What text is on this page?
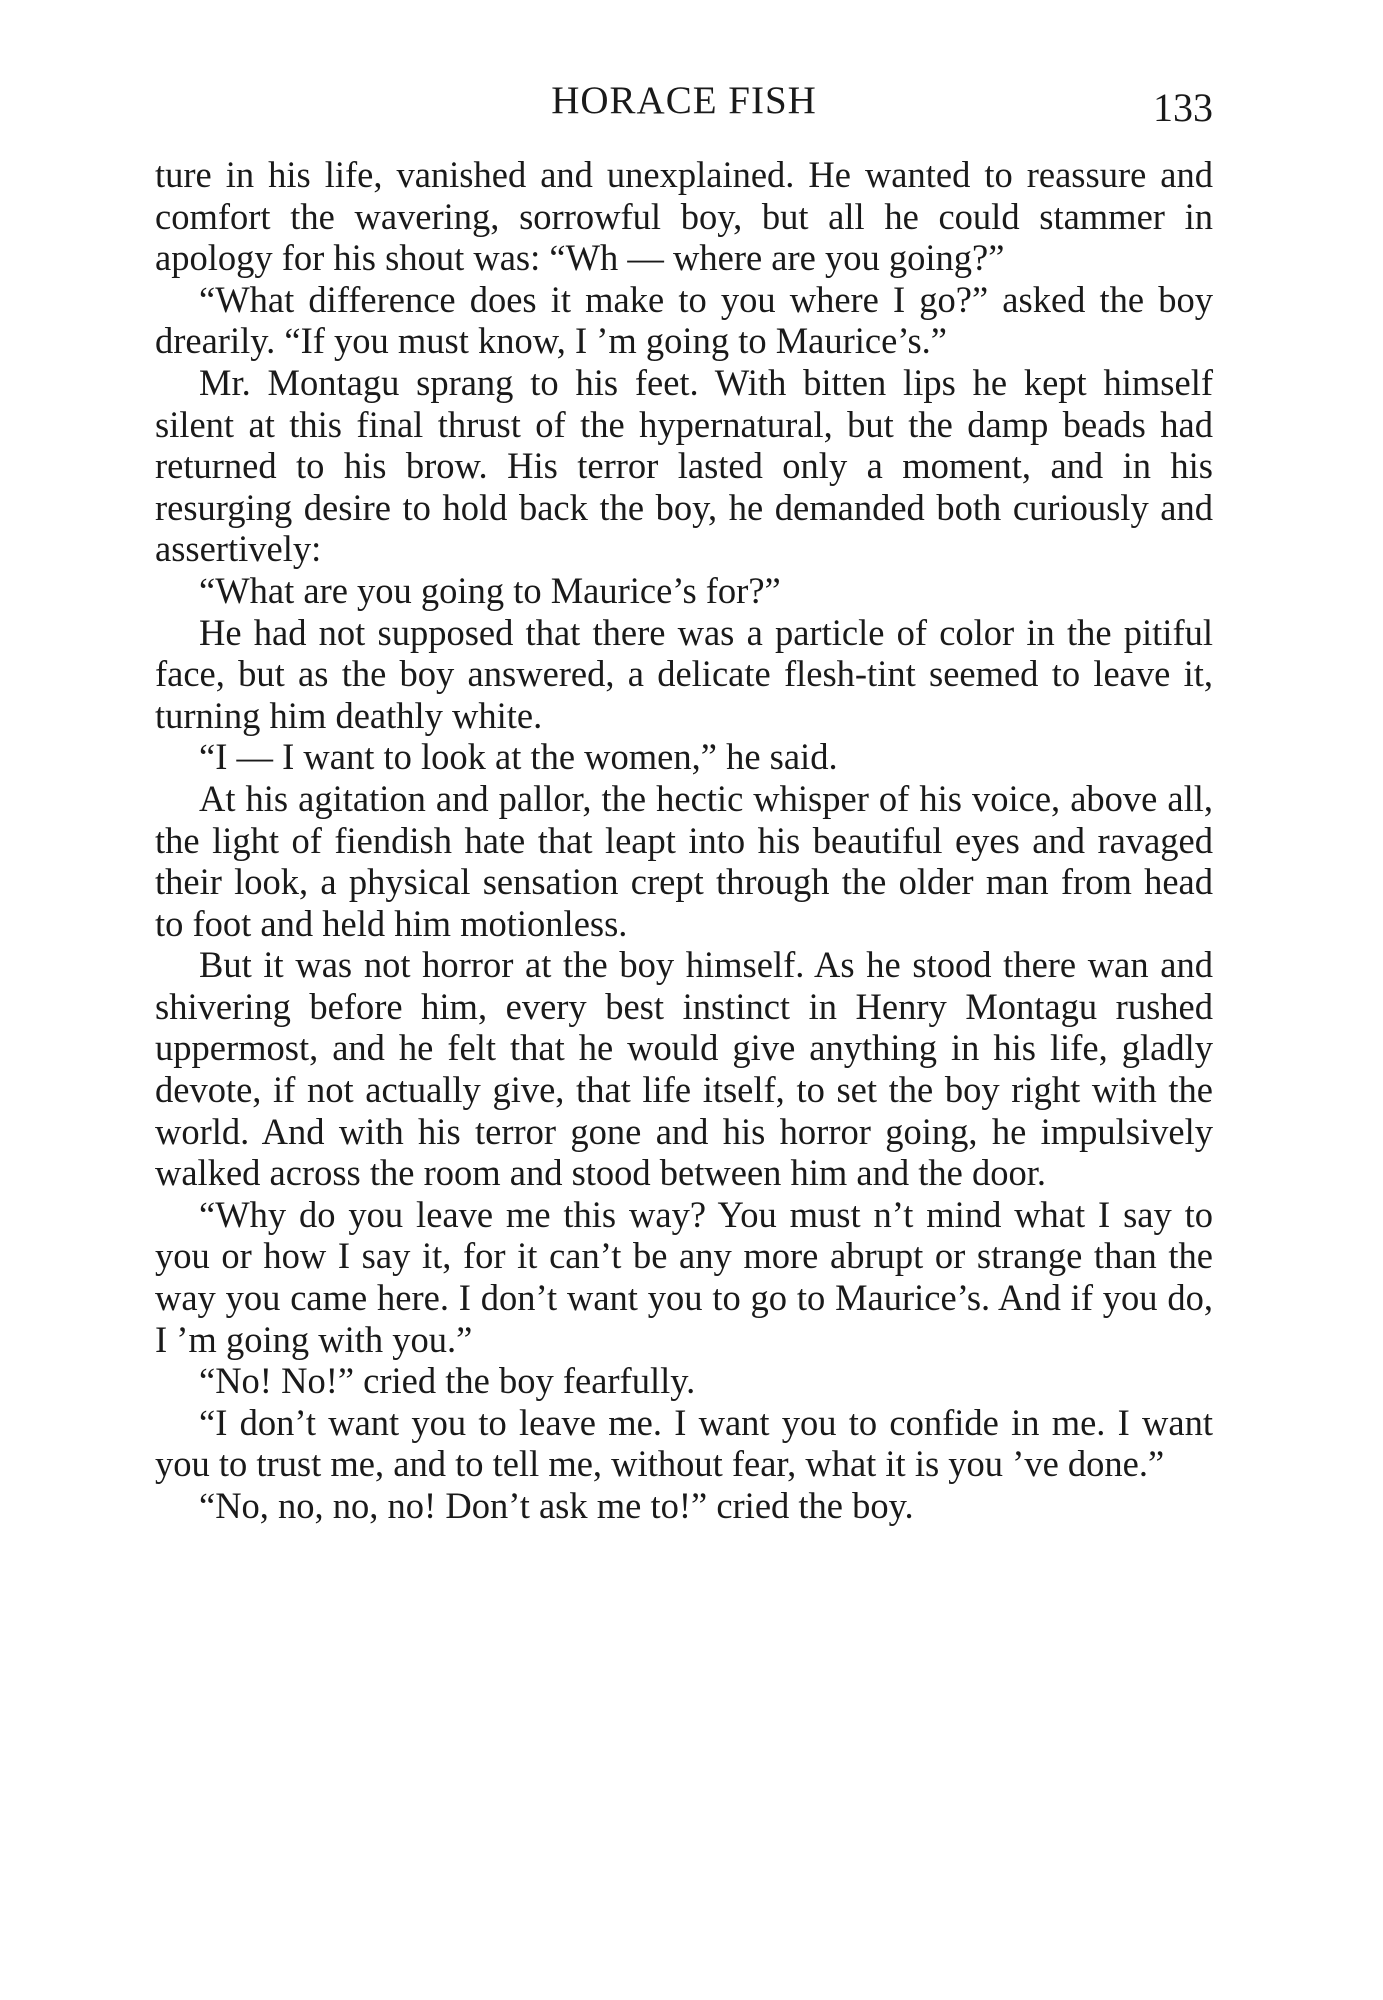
HORACE FISH	133

ture in his life, vanished and unexplained. He wanted to reassure and comfort the wavering, sorrowful boy, but all he could stammer in apology for his shout was: “Wh — where are you going?”

“What difference does it make to you where I go?” asked the boy drearily. “If you must know, I ’m going to Maurice’s.”

Mr. Montagu sprang to his feet. With bitten lips he kept himself silent at this final thrust of the hypernatural, but the damp beads had returned to his brow. His terror lasted only a moment, and in his resurging desire to hold back the boy, he demanded both curiously and assertively:

“What are you going to Maurice’s for?”

He had not supposed that there was a particle of color in the pitiful face, but as the boy answered, a delicate flesh-tint seemed to leave it, turning him deathly white.

“I — I want to look at the women,” he said.

At his agitation and pallor, the hectic whisper of his voice, above all, the light of fiendish hate that leapt into his beautiful eyes and ravaged their look, a physical sensation crept through the older man from head to foot and held him motionless.

But it was not horror at the boy himself. As he stood there wan and shivering before him, every best instinct in Henry Montagu rushed uppermost, and he felt that he would give anything in his life, gladly devote, if not actually give, that life itself, to set the boy right with the world. And with his terror gone and his horror going, he impulsively walked across the room and stood between him and the door.

“Why do you leave me this way? You must n’t mind what I say to you or how I say it, for it can’t be any more abrupt or strange than the way you came here. I don’t want you to go to Maurice’s. And if you do, I ’m going with you.”

“No! No!” cried the boy fearfully.

“I don’t want you to leave me. I want you to confide in me. I want you to trust me, and to tell me, without fear, what it is you ’ve done.”

“No, no, no, no! Don’t ask me to!” cried the boy.
